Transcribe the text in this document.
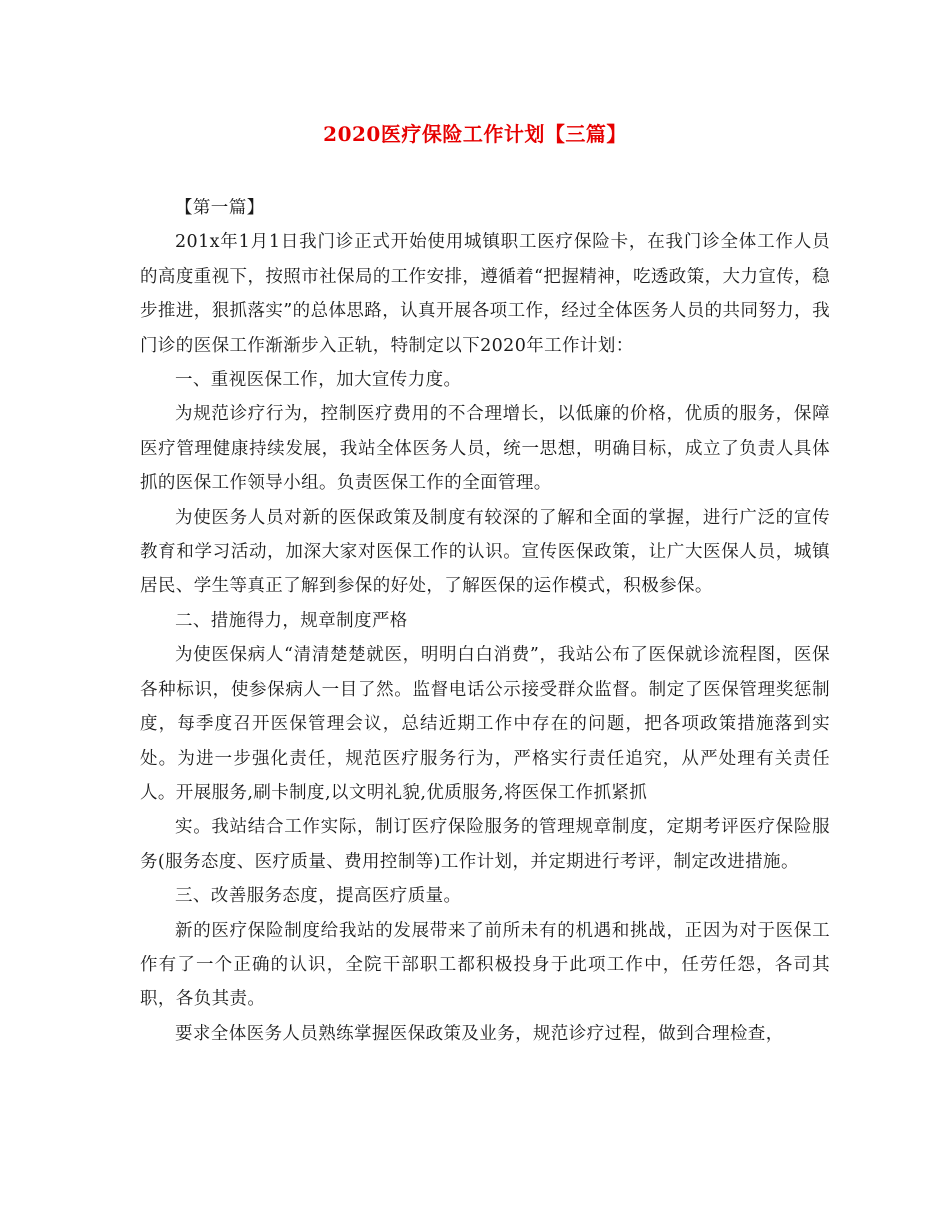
2020医疗保险工作计划【三篇】

【第一篇】

201x年1月1日我门诊正式开始使用城镇职工医疗保险卡，在我门诊全体工作人员的高度重视下，按照市社保局的工作安排，遵循着“把握精神，吃透政策，大力宣传，稳步推进，狠抓落实”的总体思路，认真开展各项工作，经过全体医务人员的共同努力，我门诊的医保工作渐渐步入正轨，特制定以下2020年工作计划：

一、重视医保工作，加大宣传力度。

为规范诊疗行为，控制医疗费用的不合理增长，以低廉的价格，优质的服务，保障医疗管理健康持续发展，我站全体医务人员，统一思想，明确目标，成立了负责人具体抓的医保工作领导小组。负责医保工作的全面管理。

为使医务人员对新的医保政策及制度有较深的了解和全面的掌握，进行广泛的宣传教育和学习活动，加深大家对医保工作的认识。宣传医保政策，让广大医保人员，城镇居民、学生等真正了解到参保的好处，了解医保的运作模式，积极参保。

二、措施得力，规章制度严格

为使医保病人“清清楚楚就医，明明白白消费”，我站公布了医保就诊流程图，医保各种标识，使参保病人一目了然。监督电话公示接受群众监督。制定了医保管理奖惩制度，每季度召开医保管理会议，总结近期工作中存在的问题，把各项政策措施落到实处。为进一步强化责任，规范医疗服务行为，严格实行责任追究，从严处理有关责任人。开展服务,刷卡制度,以文明礼貌,优质服务,将医保工作抓紧抓

实。我站结合工作实际，制订医疗保险服务的管理规章制度，定期考评医疗保险服务(服务态度、医疗质量、费用控制等)工作计划，并定期进行考评，制定改进措施。

三、改善服务态度，提高医疗质量。

新的医疗保险制度给我站的发展带来了前所未有的机遇和挑战，正因为对于医保工作有了一个正确的认识，全院干部职工都积极投身于此项工作中，任劳任怨，各司其职，各负其责。

要求全体医务人员熟练掌握医保政策及业务，规范诊疗过程，做到合理检查，
